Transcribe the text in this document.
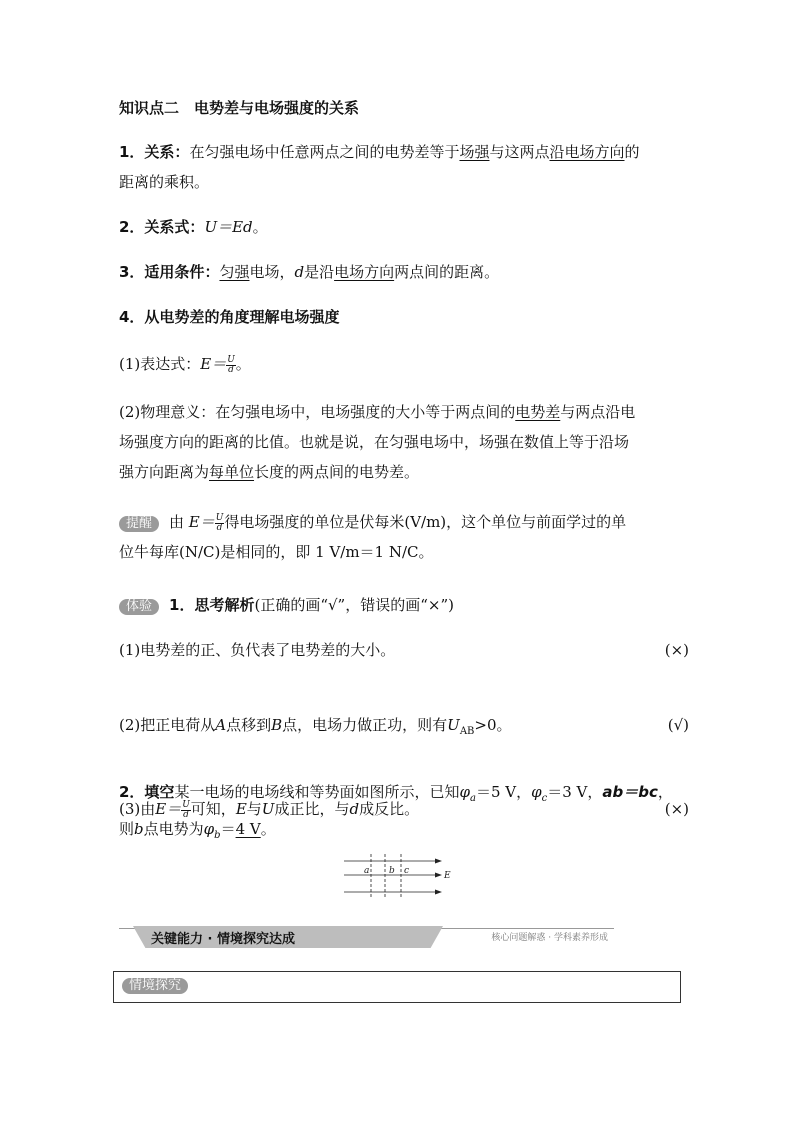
知识点二　电势差与电场强度的关系
1．关系：在匀强电场中任意两点之间的电势差等于场强与这两点沿电场方向的
距离的乘积。
2．关系式：U＝Ed。
3．适用条件：匀强电场，d是沿电场方向两点间的距离。
4．从电势差的角度理解电场强度
(1)表达式：$E= \frac{U}{d}$ 。
(2)物理意义：在匀强电场中，电场强度的大小等于两点间的电势差与两点沿电
场强度方向的距离的比值。也就是说，在匀强电场中，场强在数值上等于沿场
强方向距离为每单位长度的两点间的电势差。
提醒 由 $E= \frac{U}{d}$ 得电场强度的单位是伏每米(V/m)，这个单位与前面学过的单
位牛每库(N/C)是相同的，即 1 V/m＝1 N/C。
体验 1．思考解析(正确的画“√”，错误的画“×”)
(1)电势差的正、负代表了电势差的大小。	(×)
(2)把正电荷从A点移到B点，电场力做正功，则有$U_{AB}>0$。	(√)
(3)由$E= \frac{U}{d}$ 可知，E与U成正比，与d成反比。	(×)
2．填空某一电场的电场线和等势面如图所示，已知$\varphi_a=5$ V，$\varphi_c=3$ V，ab＝bc，
则b点电势为$\varphi_b=4$ V。
a b c	E
关键能力 · 情境探究达成	核心问题解惑 · 学科素养形成
情境探究
